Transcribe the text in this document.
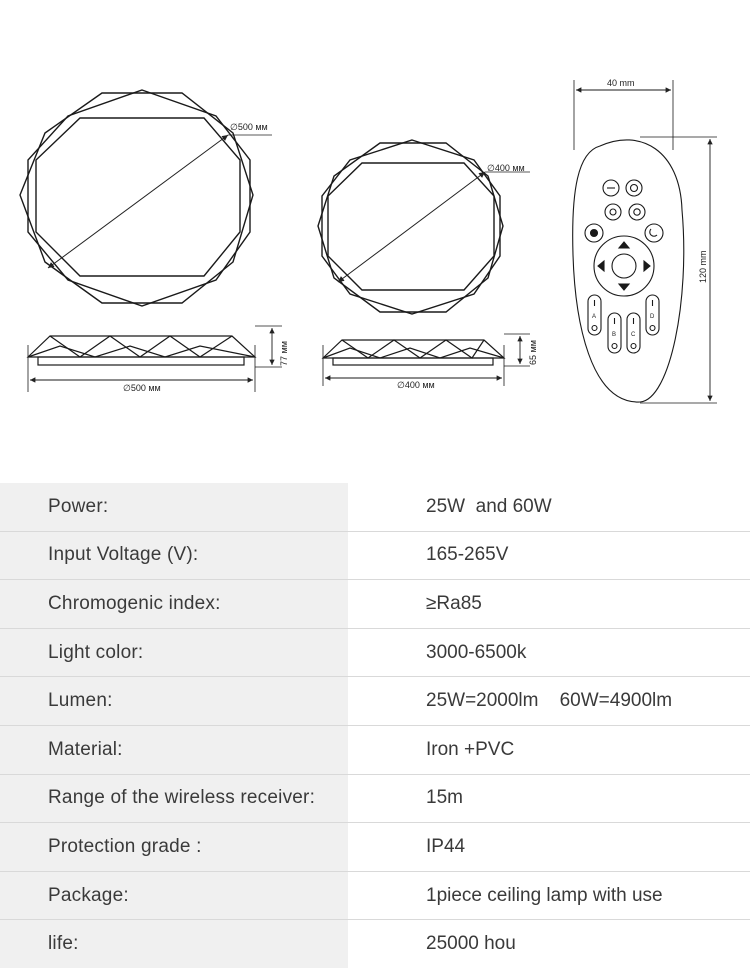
∅500 мм
∅500 мм
77 мм
∅400 мм
∅400 мм
65 мм
40 mm
120 mm
A
B C
D
Power:	25W  and 60W
Input Voltage (V):	165-265V
Chromogenic index:	≥Ra85
Light color:	3000-6500k
Lumen:	25W=2000lm    60W=4900lm
Material:	Iron +PVC
Range of the wireless receiver:	15m
Protection grade :	IP44
Package:	1piece ceiling lamp with use
life:	25000 hou
